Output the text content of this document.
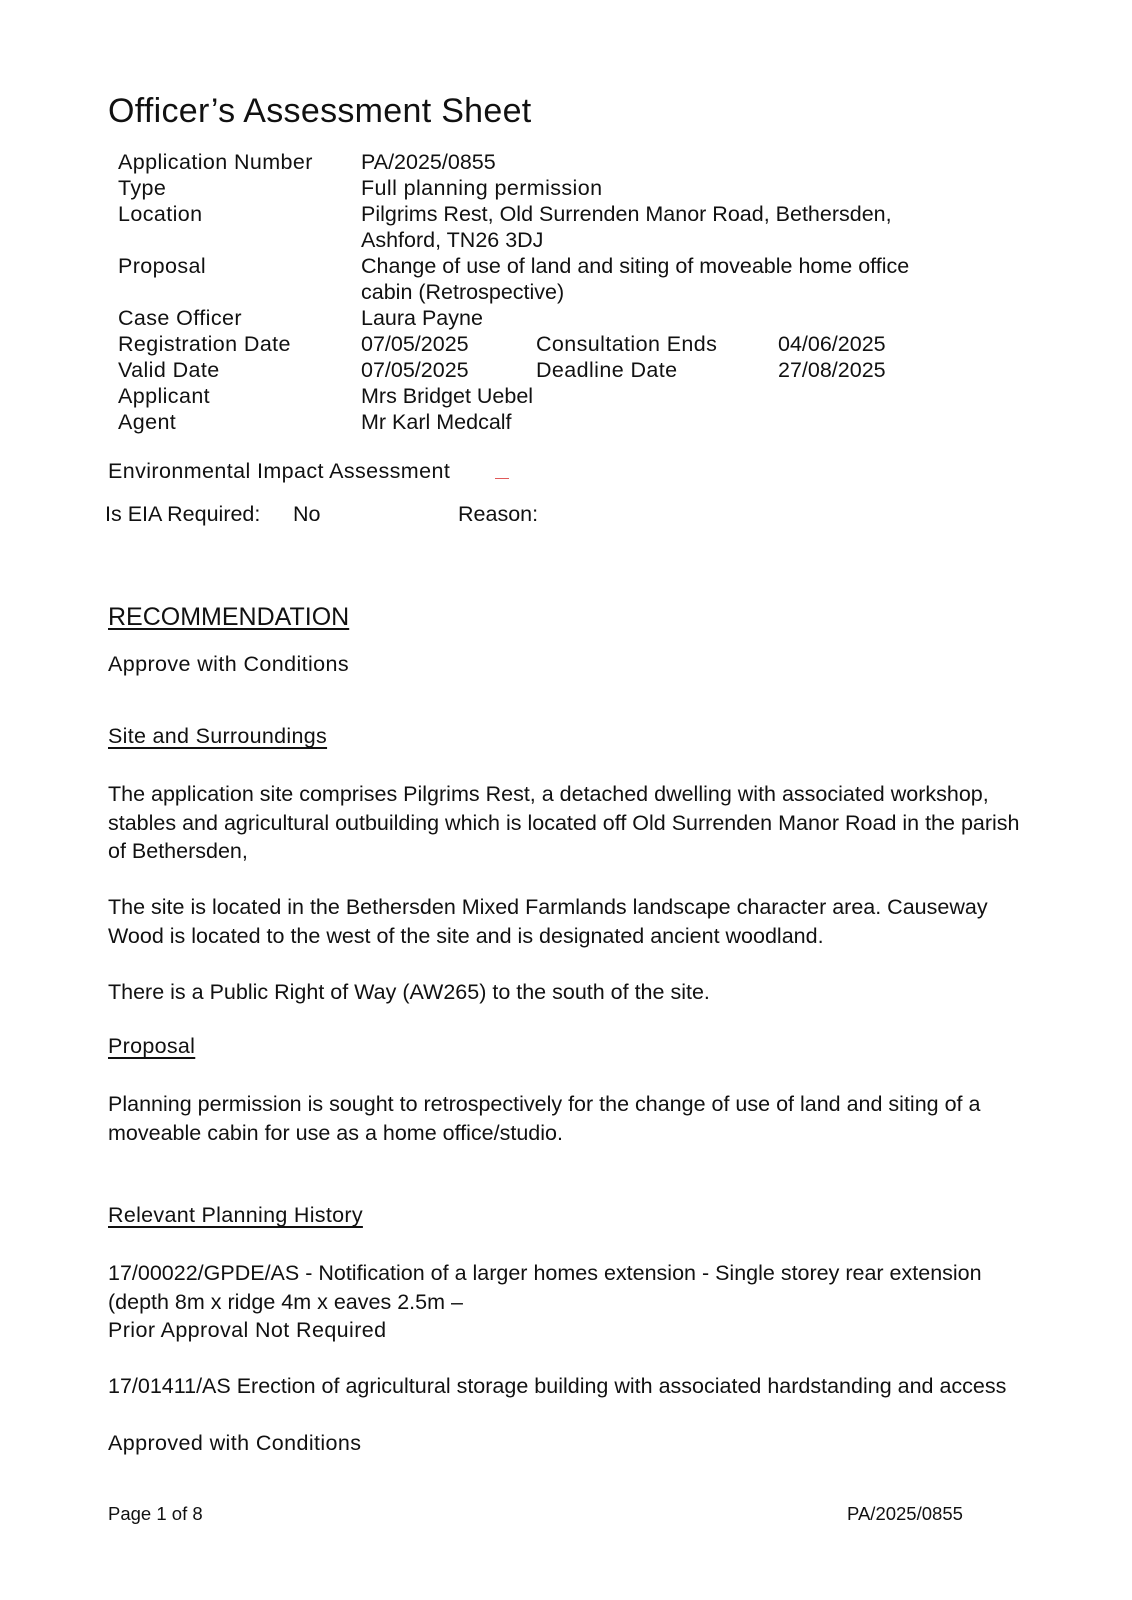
Officer’s Assessment Sheet
Application Number PA/2025/0855
Type	Full planning permission
Location	Pilgrims Rest, Old Surrenden Manor Road, Bethersden, Ashford, TN26 3DJ
Proposal	Change of use of land and siting of moveable home office cabin (Retrospective)
Case Officer	Laura Payne
Registration Date	07/05/2025	Consultation Ends	04/06/2025
Valid Date	07/05/2025	Deadline Date	27/08/2025
Applicant	Mrs Bridget Uebel
Agent	Mr Karl Medcalf
Environmental Impact Assessment
Is EIA Required: No	Reason:
RECOMMENDATION
Approve with Conditions
Site and Surroundings
The application site comprises Pilgrims Rest, a detached dwelling with associated workshop, stables and agricultural outbuilding which is located off Old Surrenden Manor Road in the parish of Bethersden,
The site is located in the Bethersden Mixed Farmlands landscape character area. Causeway Wood is located to the west of the site and is designated ancient woodland.
There is a Public Right of Way (AW265) to the south of the site.
Proposal
Planning permission is sought to retrospectively for the change of use of land and siting of a moveable cabin for use as a home office/studio.
Relevant Planning History
17/00022/GPDE/AS - Notification of a larger homes extension - Single storey rear extension (depth 8m x ridge 4m x eaves 2.5m –
Prior Approval Not Required
17/01411/AS Erection of agricultural storage building with associated hardstanding and access
Approved with Conditions
Page 1 of 8	PA/2025/0855
